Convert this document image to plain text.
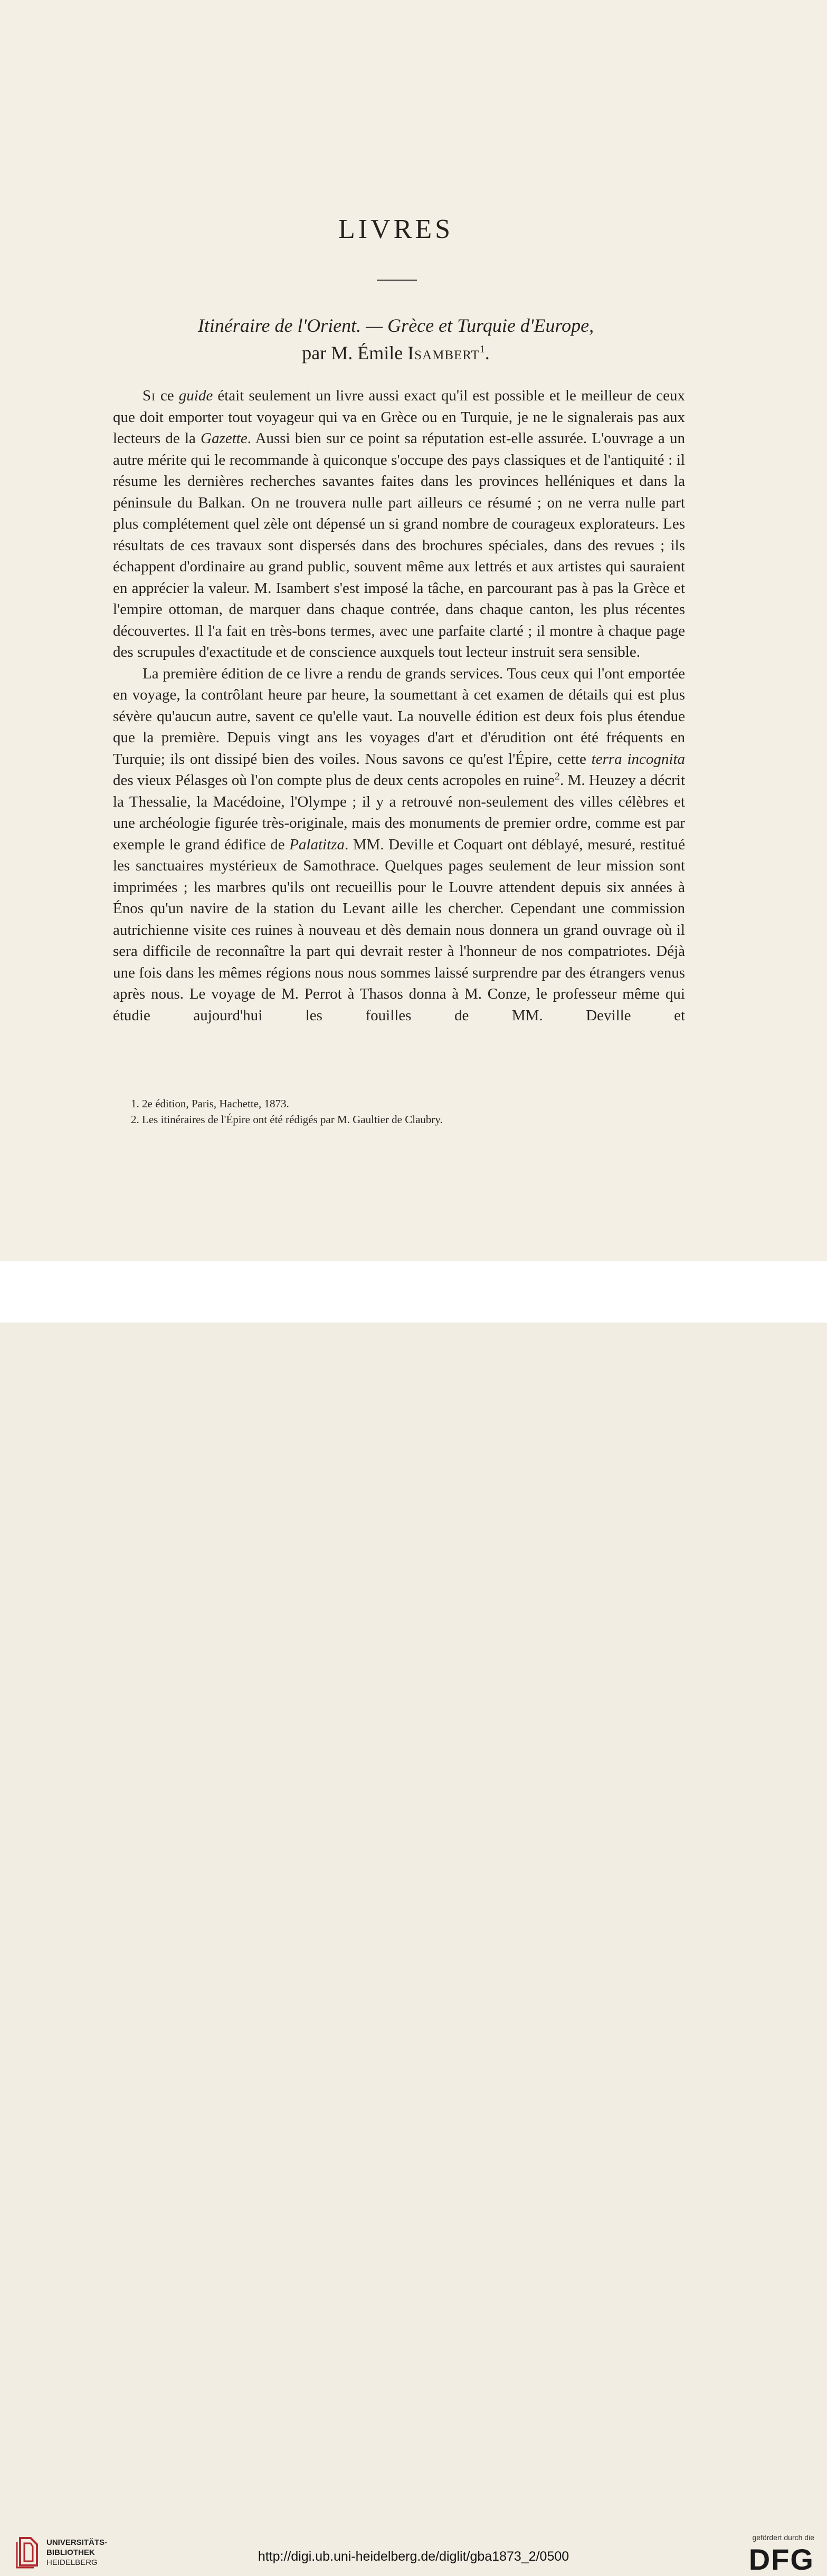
LIVRES

Itinéraire de l'Orient. — Grèce et Turquie d'Europe,

par M. Émile Isambert$^1$.

Si ce guide était seulement un livre aussi exact qu'il est possible et le meilleur de ceux que doit emporter tout voyageur qui va en Grèce ou en Turquie, je ne le signalerais pas aux lecteurs de la Gazette. Aussi bien sur ce point sa réputation est-elle assurée. L'ouvrage a un autre mérite qui le recommande à quiconque s'occupe des pays classiques et de l'antiquité : il résume les dernières recherches savantes faites dans les provinces helléniques et dans la péninsule du Balkan. On ne trouvera nulle part ailleurs ce résumé ; on ne verra nulle part plus complétement quel zèle ont dépensé un si grand nombre de courageux explorateurs. Les résultats de ces travaux sont dispersés dans des brochures spéciales, dans des revues ; ils échappent d'ordinaire au grand public, souvent même aux lettrés et aux artistes qui sauraient en apprécier la valeur. M. Isambert s'est imposé la tâche, en parcourant pas à pas la Grèce et l'empire ottoman, de marquer dans chaque contrée, dans chaque canton, les plus récentes découvertes. Il l'a fait en très-bons termes, avec une parfaite clarté ; il montre à chaque page des scrupules d'exactitude et de conscience auxquels tout lecteur instruit sera sensible.

La première édition de ce livre a rendu de grands services. Tous ceux qui l'ont emportée en voyage, la contrôlant heure par heure, la soumettant à cet examen de détails qui est plus sévère qu'aucun autre, savent ce qu'elle vaut. La nouvelle édition est deux fois plus étendue que la première. Depuis vingt ans les voyages d'art et d'érudition ont été fréquents en Turquie; ils ont dissipé bien des voiles. Nous savons ce qu'est l'Épire, cette terra incognita des vieux Pélasges où l'on compte plus de deux cents acropoles en ruine$^2$. M. Heuzey a décrit la Thessalie, la Macédoine, l'Olympe ; il y a retrouvé non-seulement des villes célèbres et une archéologie figurée très-originale, mais des monuments de premier ordre, comme est par exemple le grand édifice de Palatitza. MM. Deville et Coquart ont déblayé, mesuré, restitué les sanctuaires mystérieux de Samothrace. Quelques pages seulement de leur mission sont imprimées ; les marbres qu'ils ont recueillis pour le Louvre attendent depuis six années à Énos qu'un navire de la station du Levant aille les chercher. Cependant une commission autrichienne visite ces ruines à nouveau et dès demain nous donnera un grand ouvrage où il sera difficile de reconnaître la part qui devrait rester à l'honneur de nos compatriotes. Déjà une fois dans les mêmes régions nous nous sommes laissé surprendre par des étrangers venus après nous. Le voyage de M. Perrot à Thasos donna à M. Conze, le professeur même qui étudie aujourd'hui les fouilles de MM. Deville et

1. 2e édition, Paris, Hachette, 1873.
2. Les itinéraires de l'Épire ont été rédigés par M. Gaultier de Claubry.
UNIVERSITÄTS-
BIBLIOTHEK
HEIDELBERG	http://digi.ub.uni-heidelberg.de/diglit/gba1873_2/0500
gefördert durch die
DFG
